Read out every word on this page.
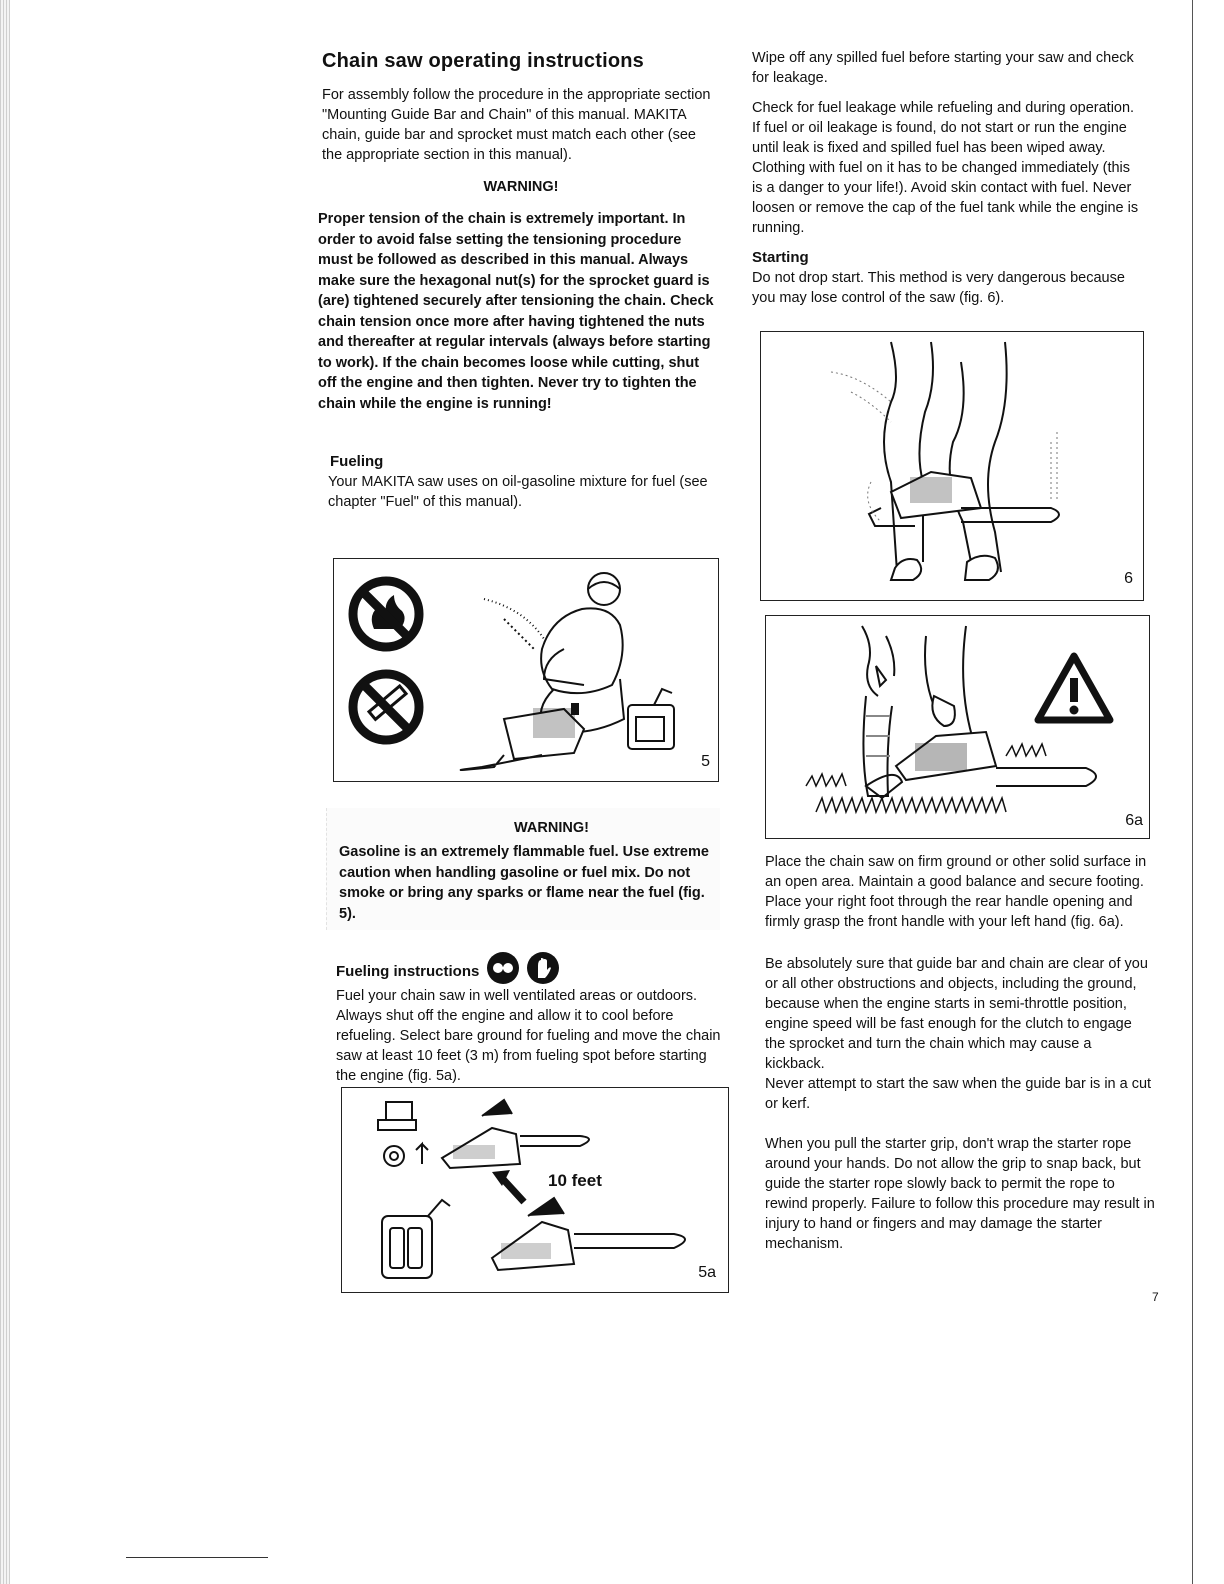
Chain saw operating instructions

For assembly follow the procedure in the appropriate section "Mounting Guide Bar and Chain" of this manual. MAKITA chain, guide bar and sprocket must match each other (see the appropriate section in this manual).

WARNING!

Proper tension of the chain is extremely important. In order to avoid false setting the tensioning procedure must be followed as described in this manual. Always make sure the hexagonal nut(s) for the sprocket guard is (are) tightened securely after tensioning the chain. Check chain tension once more after having tightened the nuts and thereafter at regular intervals (always before starting to work). If the chain becomes loose while cutting, shut off the engine and then tighten. Never try to tighten the chain while the engine is running!

Fueling

Your MAKITA saw uses on oil-gasoline mixture for fuel (see chapter "Fuel" of this manual).

5
WARNING!

Gasoline is an extremely flammable fuel. Use extreme caution when handling gasoline or fuel mix. Do not smoke or bring any sparks or flame near the fuel (fig. 5).

Fueling instructions

Fuel your chain saw in well ventilated areas or outdoors. Always shut off the engine and allow it to cool before refueling. Select bare ground for fueling and move the chain saw at least 10 feet (3 m) from fueling spot before starting the engine (fig. 5a).

10 feet
5a

Wipe off any spilled fuel before starting your saw and check for leakage.

Check for fuel leakage while refueling and during operation. If fuel or oil leakage is found, do not start or run the engine until leak is fixed and spilled fuel has been wiped away. Clothing with fuel on it has to be changed immediately (this is a danger to your life!). Avoid skin contact with fuel. Never loosen or remove the cap of the fuel tank while the engine is running.

Starting

Do not drop start. This method is very dangerous because you may lose control of the saw (fig. 6).

6
6a

Place the chain saw on firm ground or other solid surface in an open area. Maintain a good balance and secure footing. Place your right foot through the rear handle opening and firmly grasp the front handle with your left hand (fig. 6a).

Be absolutely sure that guide bar and chain are clear of you or all other obstructions and objects, including the ground, because when the engine starts in semi-throttle position, engine speed will be fast enough for the clutch to engage the sprocket and turn the chain which may cause a kickback.

Never attempt to start the saw when the guide bar is in a cut or kerf.

When you pull the starter grip, don't wrap the starter rope around your hands. Do not allow the grip to snap back, but guide the starter rope slowly back to permit the rope to rewind properly. Failure to follow this procedure may result in injury to hand or fingers and may damage the starter mechanism.

7
